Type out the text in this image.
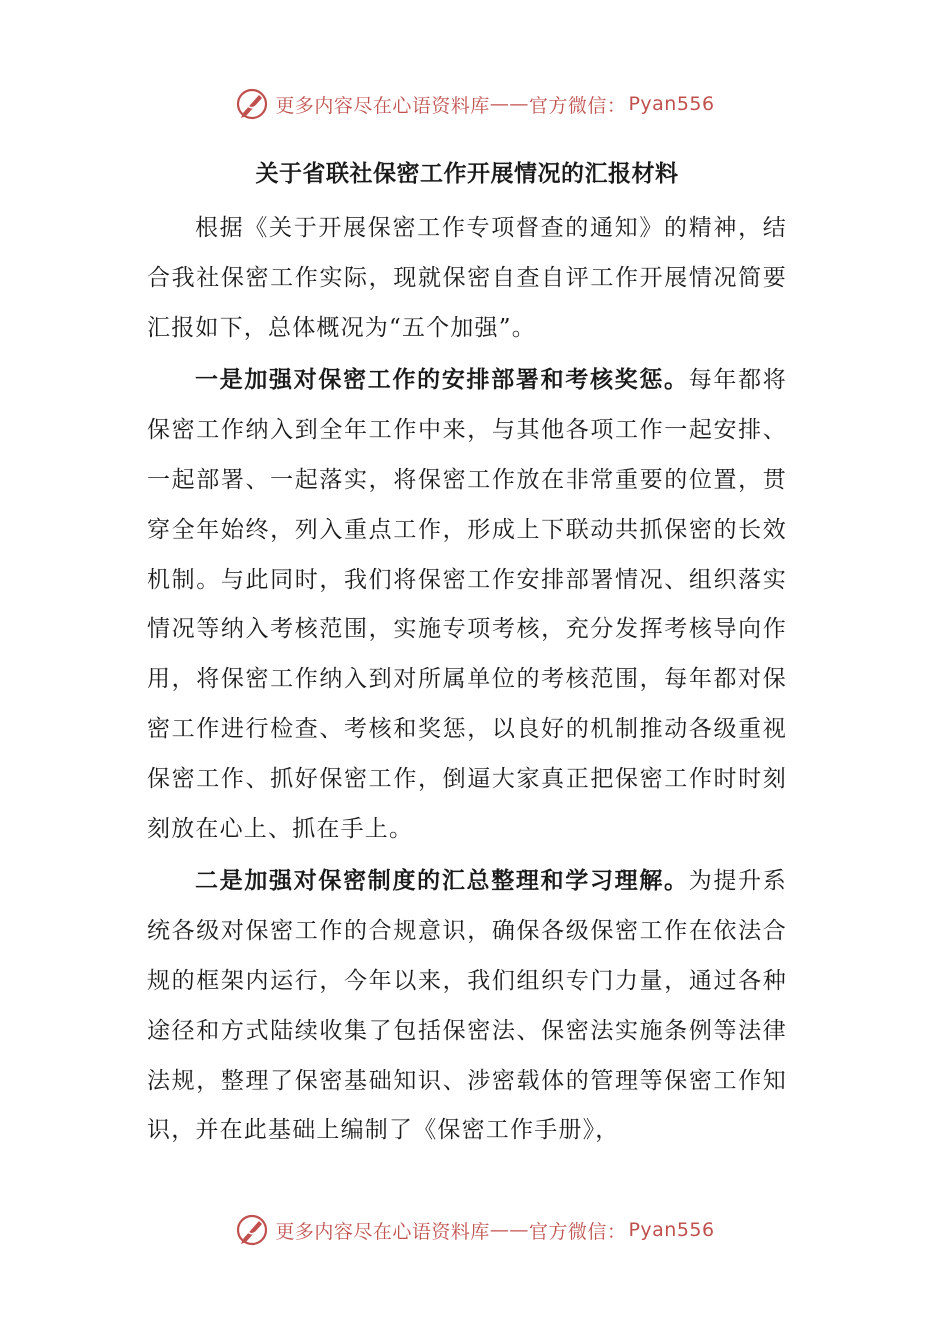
更多内容尽在心语资料库 —— 官方微信： Pyan556
关于省联社保密工作开展情况的汇报材料

根据《关于开展保密工作专项督查的通知》的精神，结合我社保密工作实际，现就保密自查自评工作开展情况简要汇报如下，总体概况为“五个加强”。

一是加强对保密工作的安排部署和考核奖惩。每年都将保密工作纳入到全年工作中来，与其他各项工作一起安排、一起部署、一起落实，将保密工作放在非常重要的位置，贯穿全年始终，列入重点工作，形成上下联动共抓保密的长效机制。与此同时，我们将保密工作安排部署情况、组织落实情况等纳入考核范围，实施专项考核，充分发挥考核导向作用，将保密工作纳入到对所属单位的考核范围，每年都对保密工作进行检查、考核和奖惩，以良好的机制推动各级重视保密工作、抓好保密工作，倒逼大家真正把保密工作时时刻刻放在心上、抓在手上。

二是加强对保密制度的汇总整理和学习理解。为提升系统各级对保密工作的合规意识，确保各级保密工作在依法合规的框架内运行，今年以来，我们组织专门力量，通过各种途径和方式陆续收集了包括保密法、保密法实施条例等法律法规，整理了保密基础知识、涉密载体的管理等保密工作知识，并在此基础上编制了《保密工作手册》，

更多内容尽在心语资料库 —— 官方微信： Pyan556
